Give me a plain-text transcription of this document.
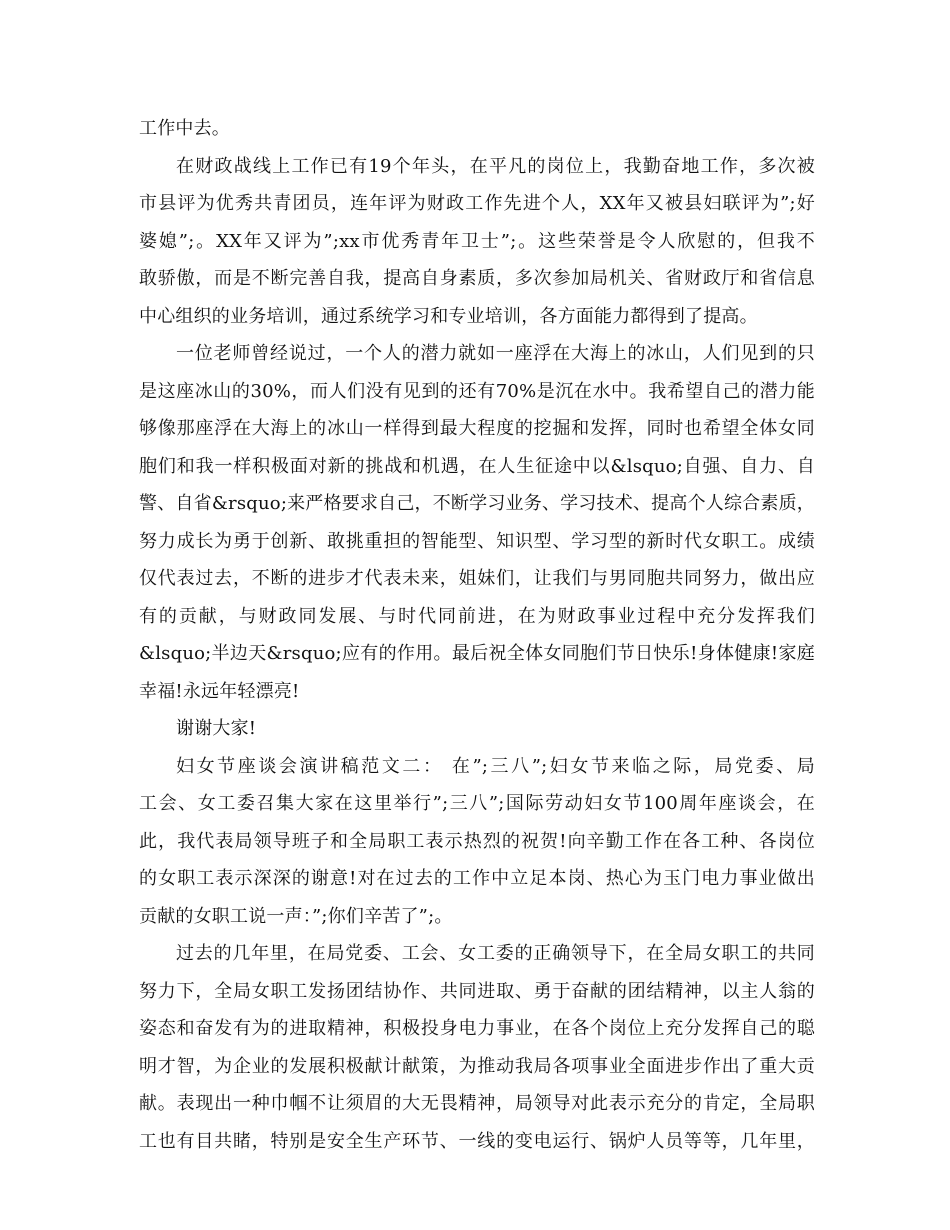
工作中去。
在财政战线上工作已有19个年头，在平凡的岗位上，我勤奋地工作，多次被
市县评为优秀共青团员，连年评为财政工作先进个人，XX年又被县妇联评为”;好
婆媳”;。XX年又评为”;xx市优秀青年卫士”;。这些荣誉是令人欣慰的，但我不
敢骄傲，而是不断完善自我，提高自身素质，多次参加局机关、省财政厅和省信息
中心组织的业务培训，通过系统学习和专业培训，各方面能力都得到了提高。
一位老师曾经说过，一个人的潜力就如一座浮在大海上的冰山，人们见到的只
是这座冰山的30%，而人们没有见到的还有70%是沉在水中。我希望自己的潜力能
够像那座浮在大海上的冰山一样得到最大程度的挖掘和发挥，同时也希望全体女同
胞们和我一样积极面对新的挑战和机遇，在人生征途中以&lsquo;自强、自力、自
警、自省&rsquo;来严格要求自己，不断学习业务、学习技术、提高个人综合素质，
努力成长为勇于创新、敢挑重担的智能型、知识型、学习型的新时代女职工。成绩
仅代表过去，不断的进步才代表未来，姐妹们，让我们与男同胞共同努力，做出应
有的贡献，与财政同发展、与时代同前进，在为财政事业过程中充分发挥我们
&lsquo;半边天&rsquo;应有的作用。最后祝全体女同胞们节日快乐!身体健康!家庭
幸福!永远年轻漂亮!
谢谢大家!
妇女节座谈会演讲稿范文二： 在”;三八”;妇女节来临之际，局党委、局
工会、女工委召集大家在这里举行”;三八”;国际劳动妇女节100周年座谈会，在
此，我代表局领导班子和全局职工表示热烈的祝贺!向辛勤工作在各工种、各岗位
的女职工表示深深的谢意!对在过去的工作中立足本岗、热心为玉门电力事业做出
贡献的女职工说一声：”;你们辛苦了”;。
过去的几年里，在局党委、工会、女工委的正确领导下，在全局女职工的共同
努力下，全局女职工发扬团结协作、共同进取、勇于奋献的团结精神，以主人翁的
姿态和奋发有为的进取精神，积极投身电力事业，在各个岗位上充分发挥自己的聪
明才智，为企业的发展积极献计献策，为推动我局各项事业全面进步作出了重大贡
献。表现出一种巾帼不让须眉的大无畏精神，局领导对此表示充分的肯定，全局职
工也有目共睹，特别是安全生产环节、一线的变电运行、锅炉人员等等，几年里，
